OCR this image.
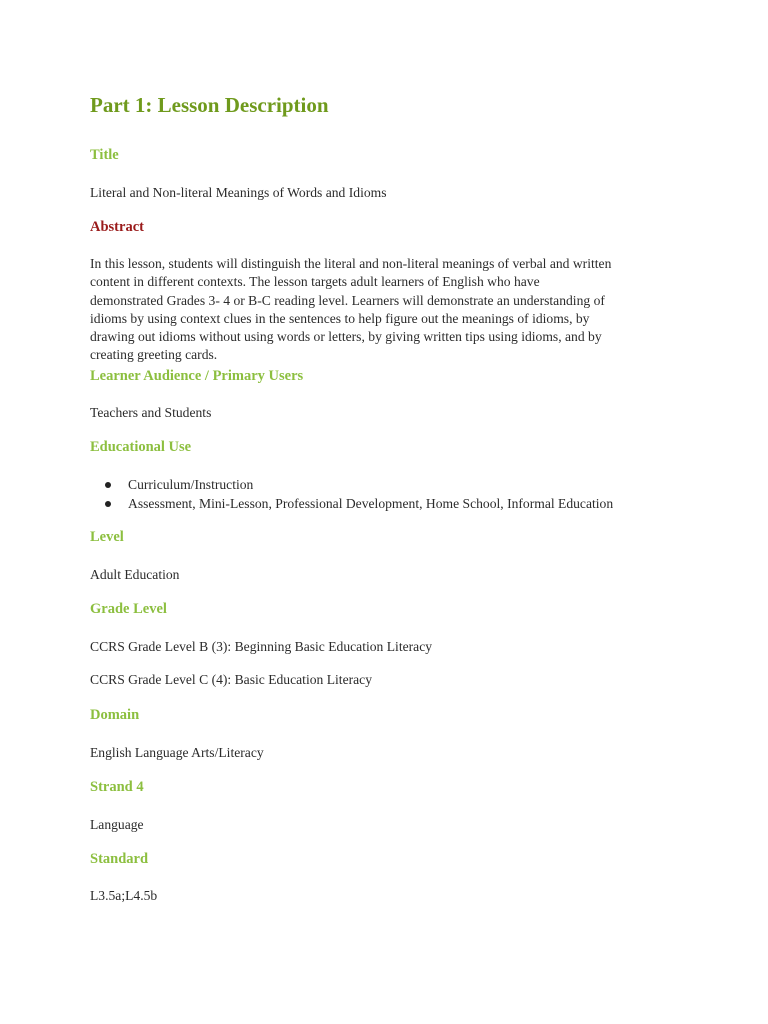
Part 1: Lesson Description
Title

Literal and Non-literal Meanings of Words and Idioms

Abstract
In this lesson, students will distinguish the literal and non-literal meanings of verbal and written
content in different contexts. The lesson targets adult learners of English who have
demonstrated Grades 3- 4 or B-C reading level. Learners will demonstrate an understanding of
idioms by using context clues in the sentences to help figure out the meanings of idioms, by
drawing out idioms without using words or letters, by giving written tips using idioms, and by
creating greeting cards.
Learner Audience / Primary Users

Teachers and Students

Educational Use
Curriculum/Instruction
Assessment, Mini-Lesson, Professional Development, Home School, Informal Education
Level

Adult Education

Grade Level

CCRS Grade Level B (3): Beginning Basic Education Literacy

CCRS Grade Level C (4): Basic Education Literacy

Domain

English Language Arts/Literacy

Strand 4

Language

Standard

L3.5a;L4.5b
